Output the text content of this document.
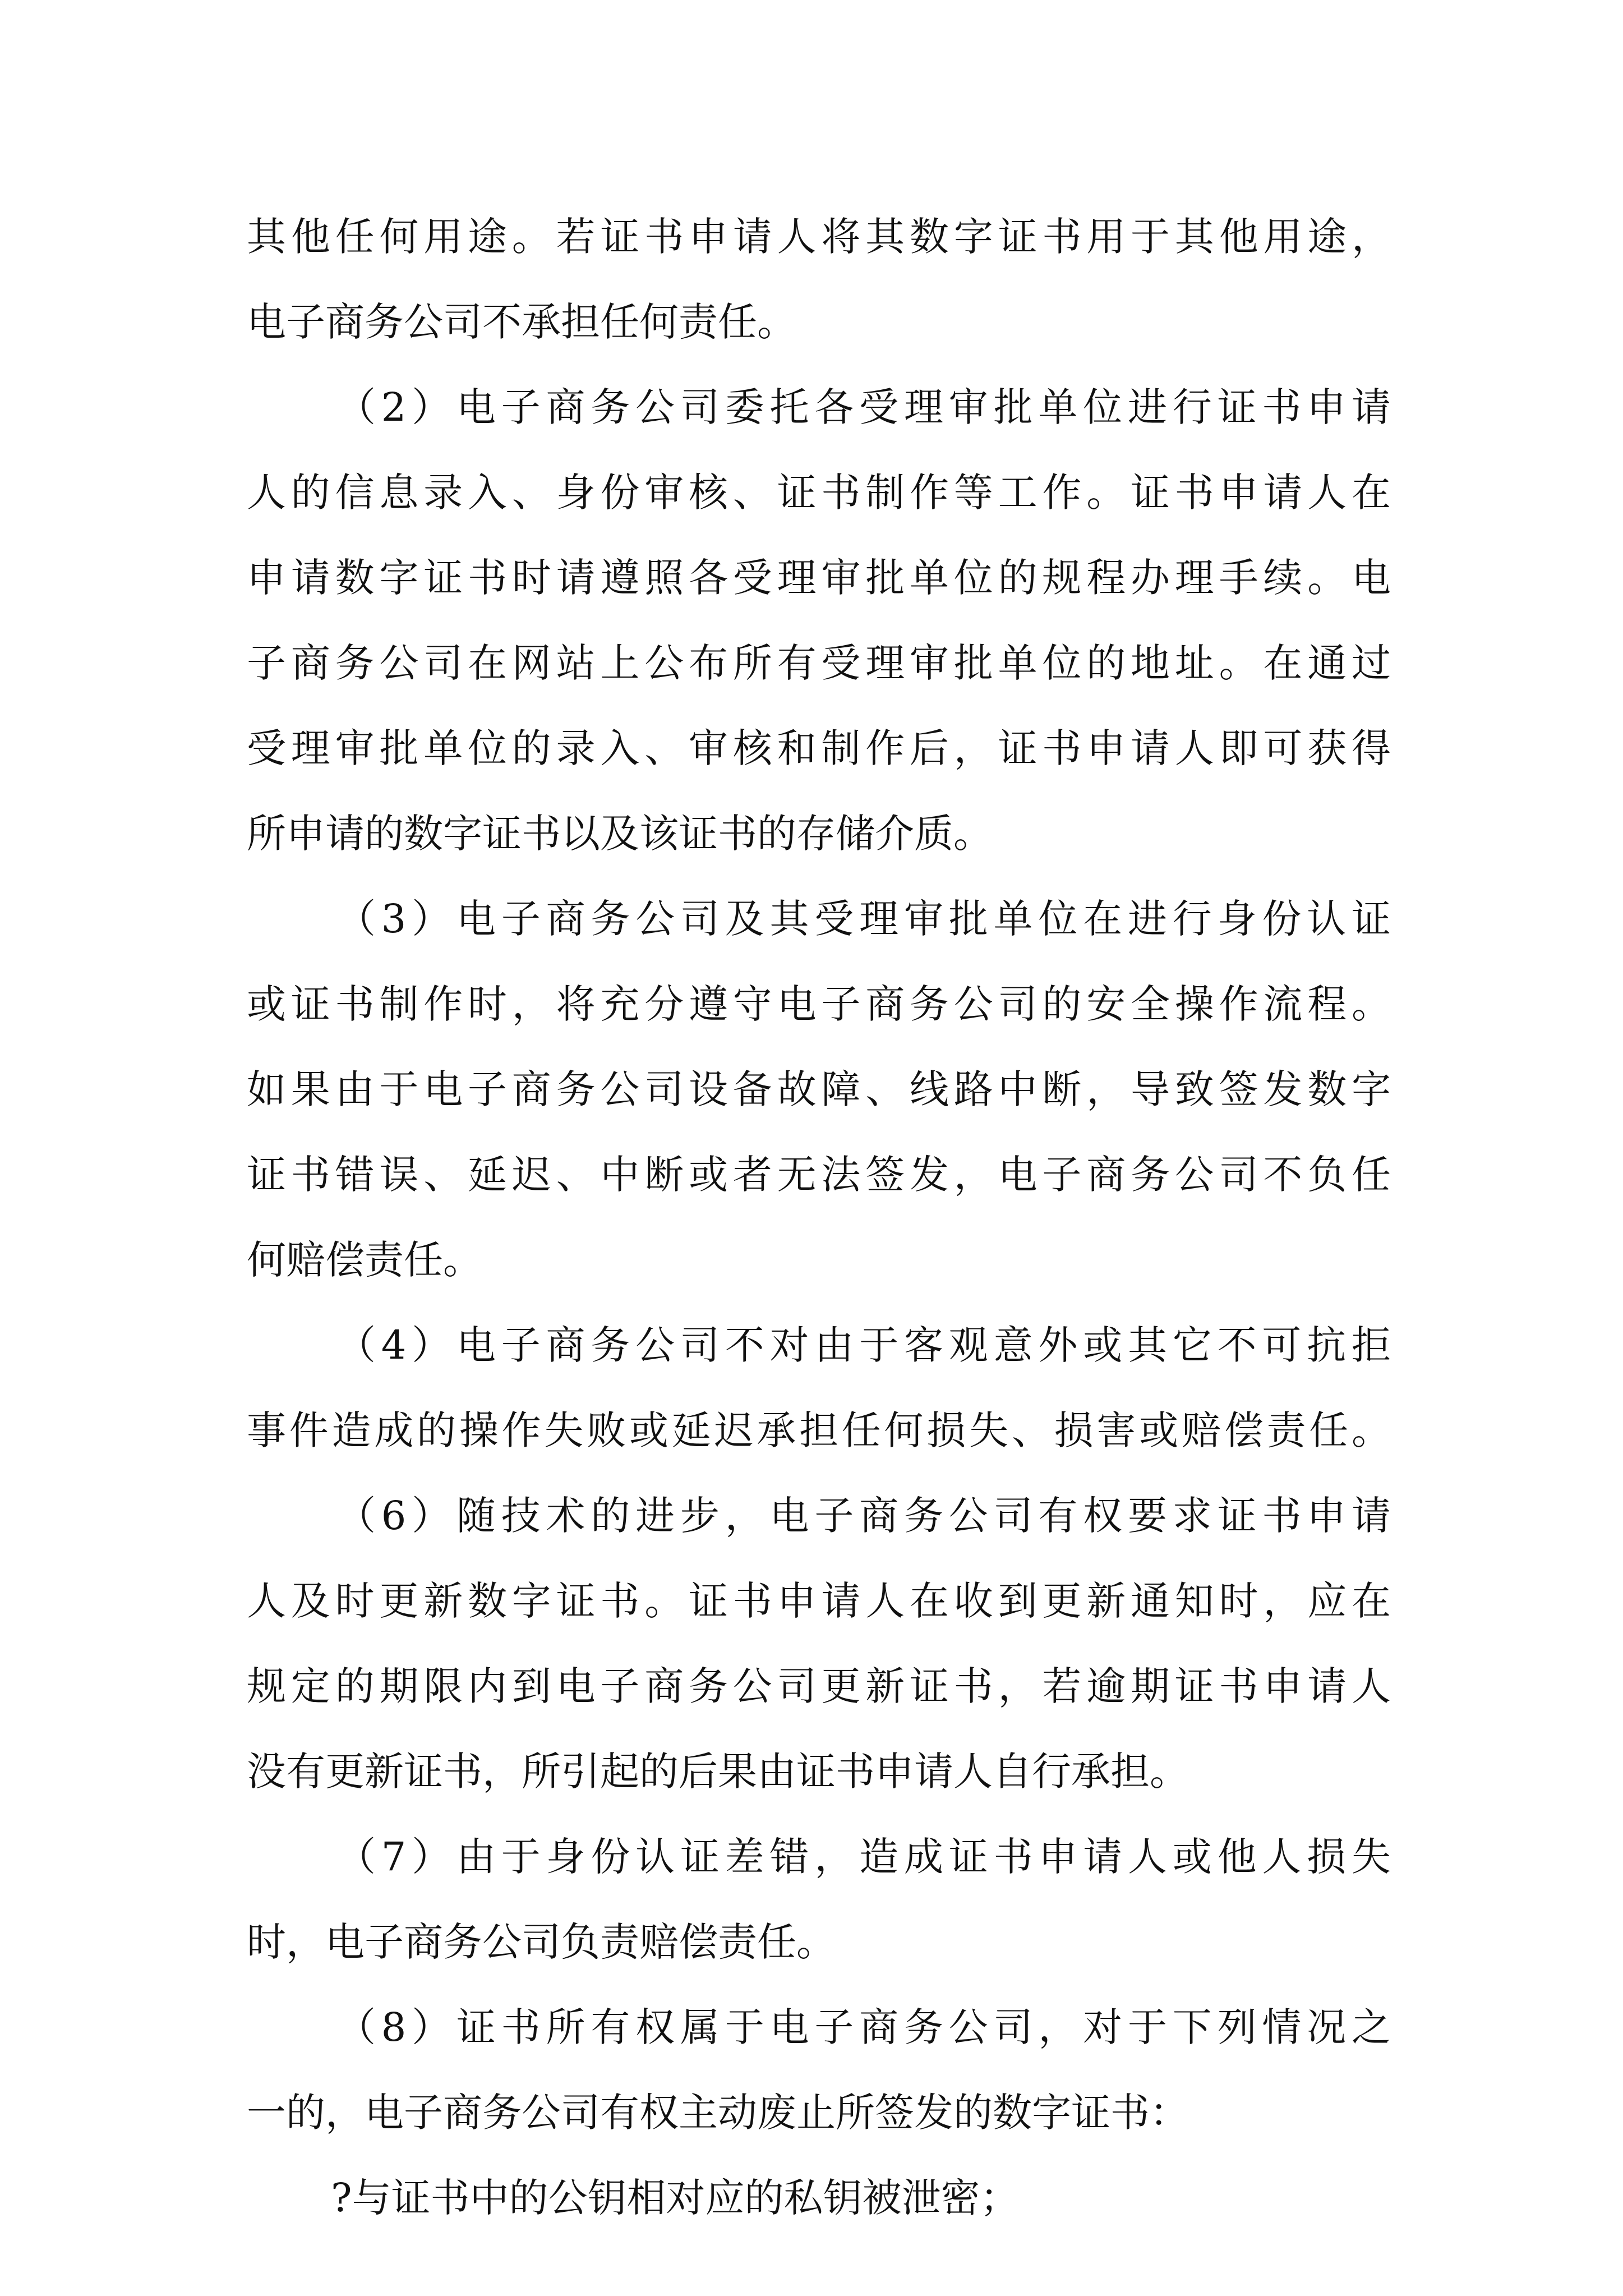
其他任何用途。若证书申请人将其数字证书用于其他用途，
电子商务公司不承担任何责任。
（2）电子商务公司委托各受理审批单位进行证书申请
人的信息录入、身份审核、证书制作等工作。证书申请人在
申请数字证书时请遵照各受理审批单位的规程办理手续。电
子商务公司在网站上公布所有受理审批单位的地址。在通过
受理审批单位的录入、审核和制作后，证书申请人即可获得
所申请的数字证书以及该证书的存储介质。
（3）电子商务公司及其受理审批单位在进行身份认证
或证书制作时，将充分遵守电子商务公司的安全操作流程。
如果由于电子商务公司设备故障、线路中断，导致签发数字
证书错误、延迟、中断或者无法签发，电子商务公司不负任
何赔偿责任。
（4）电子商务公司不对由于客观意外或其它不可抗拒
事件造成的操作失败或延迟承担任何损失、损害或赔偿责任。
（6）随技术的进步，电子商务公司有权要求证书申请
人及时更新数字证书。证书申请人在收到更新通知时，应在
规定的期限内到电子商务公司更新证书，若逾期证书申请人
没有更新证书，所引起的后果由证书申请人自行承担。
（7）由于身份认证差错，造成证书申请人或他人损失
时，电子商务公司负责赔偿责任。
（8）证书所有权属于电子商务公司，对于下列情况之
一的，电子商务公司有权主动废止所签发的数字证书：
?与证书中的公钥相对应的私钥被泄密；
